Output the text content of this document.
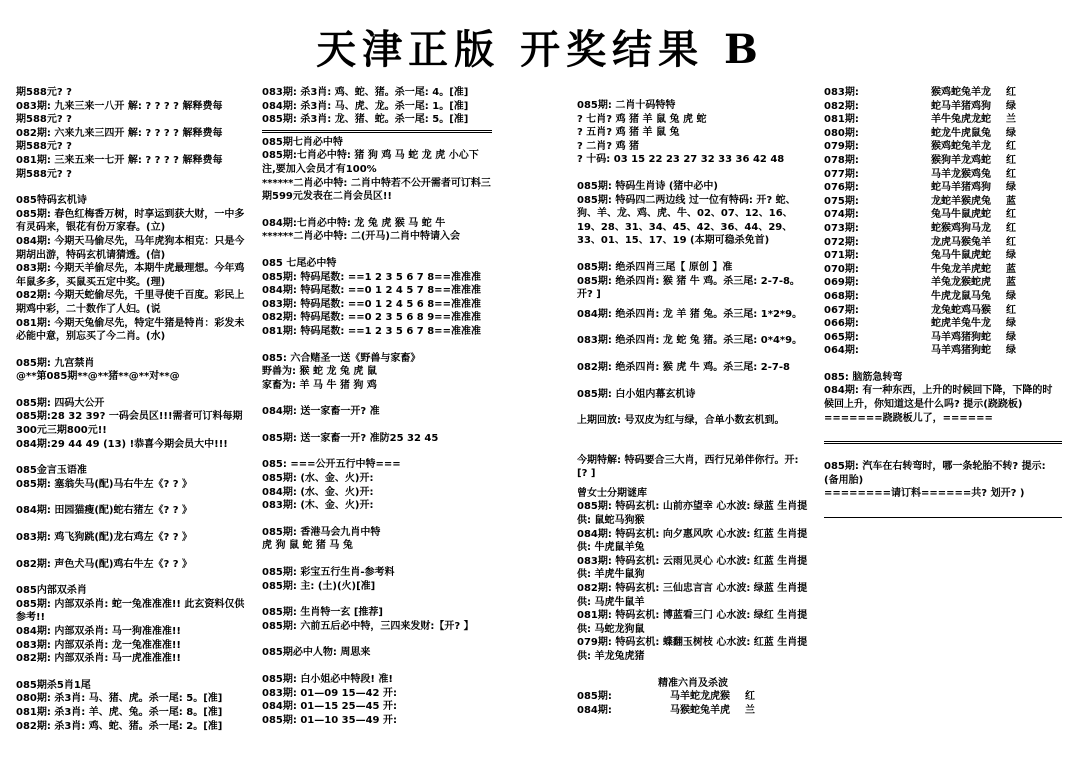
天津正版 开奖结果 B
期588元? ?
083期: 九来三来一八开 解: ? ? ? ? 解释费每
期588元? ?
082期: 六来九来三四开 解: ? ? ? ? 解释费每
期588元? ?
081期: 三来五来一七开 解: ? ? ? ? 解释费每
期588元? ?
085特码玄机诗
085期: 春色红梅香万树，时享运到获大财，一中多有灵码来，银花有份万家春。(立)
084期: 今期天马偷尽先，马年虎狗本相克：只是今期胡出游，特码玄机请猜透。(信)
083期: 今期天羊偷尽先，本期牛虎最理想。今年鸡年鼠多多，买鼠买五定中奖。(理)
082期: 今期天蛇偷尽先，千里寻使千百度。彩民上期鸡中彩，二十数作了人妇。(说
081期: 今期天兔偷尽先，特定牛猪是特肖：彩发未必能中意，别忘买了今二肖。(水)
085期: 九宫禁肖
@**第085期**@**猪**@**对**@
085期: 四码大公开
085期:28 32 39? 一码会员区!!!需者可订料每期300元三期800元!!
084期:29 44 49 (13) !恭喜今期会员大中!!!
085金言玉语准
085期: 塞翁失马(配)马右牛左《? ? 》
084期: 田园猫瘦(配)蛇右猪左《? ? 》
083期: 鸡飞狗跳(配)龙右鸡左《? ? 》
082期: 声色犬马(配)鸡右牛左《? ? 》
085内部双杀肖
085期: 内部双杀肖: 蛇一兔准准准!! 此玄资料仅供参考!!
084期: 内部双杀肖: 马一狗准准准!!
083期: 内部双杀肖: 龙一兔准准准!!
082期: 内部双杀肖: 马一虎准准准!!
085期杀5肖1尾
080期: 杀3肖: 马、猪、虎。杀一尾: 5。[准]
081期: 杀3肖: 羊、虎、兔。杀一尾: 8。[准]
082期: 杀3肖: 鸡、蛇、猪。杀一尾: 2。[准]
083期: 杀3肖: 鸡、蛇、猪。杀一尾: 4。[准]
084期: 杀3肖: 马、虎、龙。杀一尾: 1。[准]
085期: 杀3肖: 龙、猪、蛇。杀一尾: 5。[准]
085期七肖必中特
085期:七肖必中特: 猪 狗 鸡 马 蛇 龙 虎 小心下注,要加入会员才有100%
******二肖必中特: 二肖中特若不公开需者可订料三期599元发表在二肖会员区!!
084期:七肖必中特: 龙 兔 虎 猴 马 蛇 牛
******二肖必中特: 二(开马)二肖中特请入会
085 七尾必中特
085期: 特码尾数: ==1 2 3 5 6 7 8==准准准
084期: 特码尾数: ==0 1 2 4 5 7 8==准准准
083期: 特码尾数: ==0 1 2 4 5 6 8==准准准
082期: 特码尾数: ==0 2 3 5 6 8 9==准准准
081期: 特码尾数: ==1 2 3 5 6 7 8==准准准
085: 六合赌圣一送《野兽与家畜》
野兽为: 猴 蛇 龙 兔 虎 鼠
家畜为: 羊 马 牛 猪 狗 鸡
084期: 送一家畜一开? 准
085期: 送一家畜一开? 准防25 32 45
085: ===公开五行中特===
085期: (水、金、火)开:
084期: (水、金、火)开:
083期: (木、金、火)开:
085期: 香港马会九肖中特
虎 狗 鼠 蛇 猪 马 兔
085期: 彩宝五行生肖-参考料
085期: 主: (土)(火)[准]
085期: 生肖特一玄 [推荐]
085期: 六前五后必中特，三四来发财:【开? 】
085期必中人物: 周思来
085期: 白小姐必中特段! 准!
083期: 01—09 15—42 开:
084期: 01—15 25—45 开:
085期: 01—10 35—49 开:
085期: 二肖十码特特
? 七肖? 鸡 猪 羊 鼠 兔 虎 蛇
? 五肖? 鸡 猪 羊 鼠 兔
? 二肖? 鸡 猪
? 十码: 03 15 22 23 27 32 33 36 42 48
085期: 特码生肖诗 (猪中必中)
085期: 特码四二两边线 过一位有特码: 开? 蛇、狗、羊、龙、鸡、虎、牛、02、07、12、16、19、28、31、34、45、42、36、44、29、33、01、15、17、19 (本期可稳杀免首)
085期: 绝杀四肖三尾【 原创 】准
085期: 绝杀四肖: 猴 猪 牛 鸡。杀三尾: 2-7-8。开? ]
084期: 绝杀四肖: 龙 羊 猪 兔。杀三尾: 1*2*9。
083期: 绝杀四肖: 龙 蛇 兔 猪。杀三尾: 0*4*9。
082期: 绝杀四肖: 猴 虎 牛 鸡。杀三尾: 2-7-8
085期: 白小姐内幕玄机诗
上期回放: 号双皮为红与绿，合单小数玄机到。
今期特解: 特码要合三大肖，西行兄弟伴你行。开: [? ]
曾女士分期谜库
085期: 特码玄机: 山前亦望幸 心水波: 绿蓝 生肖提供: 鼠蛇马狗猴
084期: 特码玄机: 向夕惠风吹 心水波: 红蓝 生肖提供: 牛虎鼠羊兔
083期: 特码玄机: 云雨见灵心 心水波: 红蓝 生肖提供: 羊虎牛鼠狗
082期: 特码玄机: 三仙忠言言 心水波: 绿蓝 生肖提供: 马虎牛鼠羊
081期: 特码玄机: 博蓝看三门 心水波: 绿红 生肖提供: 马蛇龙狗鼠
079期: 特码玄机: 蝶翻玉树枝 心水波: 红蓝 生肖提供: 羊龙兔虎猪
精准六肖及杀波
085期:	马羊蛇龙虎猴	红
084期:	马猴蛇兔羊虎	兰
083期:	猴鸡蛇兔羊龙	红
082期:	蛇马羊猪鸡狗	绿
081期:	羊牛兔虎龙蛇	兰
080期:	蛇龙牛虎鼠兔	绿
079期:	猴鸡蛇兔羊龙	红
078期:	猴狗羊龙鸡蛇	红
077期:	马羊龙猴鸡兔	红
076期:	蛇马羊猪鸡狗	绿
075期:	龙蛇羊猴虎兔	蓝
074期:	兔马牛鼠虎蛇	红
073期:	蛇猴鸡狗马龙	红
072期:	龙虎马猴兔羊	红
071期:	兔马牛鼠虎蛇	绿
070期:	牛兔龙羊虎蛇	蓝
069期:	羊兔龙猴蛇虎	蓝
068期:	牛虎龙鼠马兔	绿
067期:	龙兔蛇鸡马猴	红
066期:	蛇虎羊兔牛龙	绿
065期:	马羊鸡猪狗蛇	绿
064期:	马羊鸡猪狗蛇	绿
085: 脑筋急转弯
084期: 有一种东西，上升的时候回下降，下降的时候回上升，你知道这是什么吗? 提示(跷跷板)
=======跷跷板儿了，======
085期: 汽车在右转弯时，哪一条轮胎不转? 提示: (备用胎)
========请订料======共? 划开? )
